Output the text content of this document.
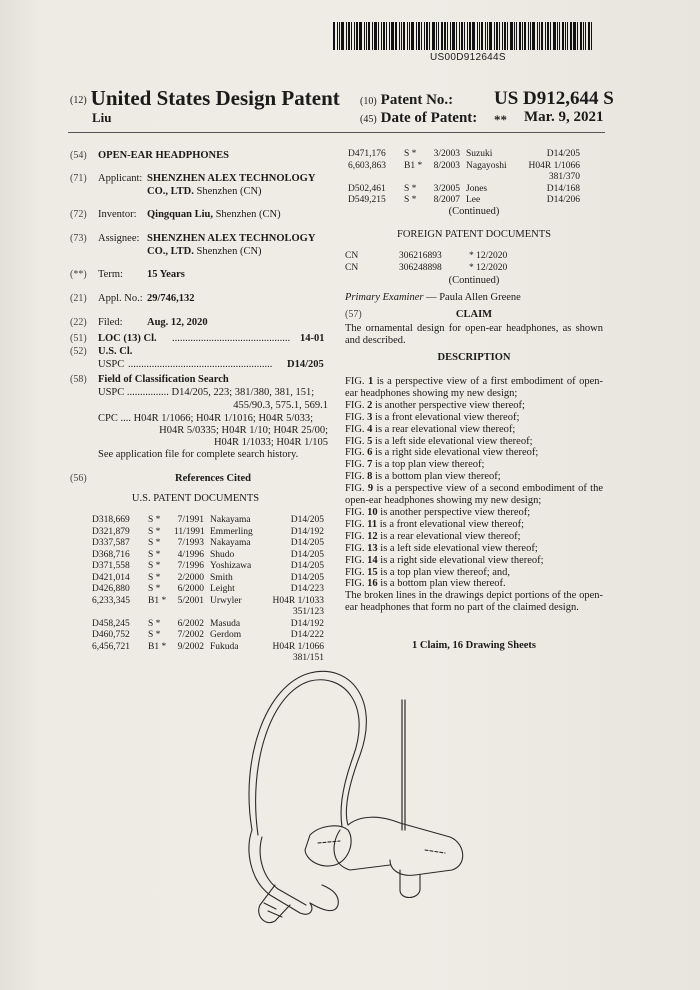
US00D912644S
(12) United States Design Patent
Liu
(10) Patent No.: US D912,644 S
(45) Date of Patent: ** Mar. 9, 2021
(54) OPEN-EAR HEADPHONES
(71) Applicant: SHENZHEN ALEX TECHNOLOGY
CO., LTD. Shenzhen (CN)
(72) Inventor: Qingquan Liu, Shenzhen (CN)
(73) Assignee: SHENZHEN ALEX TECHNOLOGY
CO., LTD. Shenzhen (CN)
(**) Term: 15 Years
(21) Appl. No.: 29/746,132
(22) Filed: Aug. 12, 2020
(51) LOC (13) Cl. ............................................. 14-01
(52) U.S. Cl.
USPC .......................................................	D14/205
(58) Field of Classification Search
USPC ................ D14/205, 223; 381/380, 381, 151;
455/90.3, 575.1, 569.1
CPC .... H04R 1/1066; H04R 1/1016; H04R 5/033;
H04R 5/0335; H04R 1/10; H04R 25/00;
H04R 1/1033; H04R 1/105
See application file for complete search history.
(56)	References Cited
U.S. PATENT DOCUMENTS
D318,669	S *	7/1991 Nakayama	D14/205
D321,879	S *	11/1991 Emmerling	D14/192
D337,587	S *	7/1993 Nakayama	D14/205
D368,716	S *	4/1996 Shudo	D14/205
D371,558	S *	7/1996 Yoshizawa	D14/205
D421,014	S *	2/2000 Smith	D14/205
D426,880	S *	6/2000 Leight	D14/223
6,233,345	B1 *	5/2001 Urwyler	H04R 1/1033
351/123
D458,245	S *	6/2002 Masuda	D14/192
D460,752	S *	7/2002 Gerdom	D14/222
6,456,721	B1 *	9/2002 Fukuda	H04R 1/1066
381/151
D471,176	S *	3/2003 Suzuki	D14/205
6,603,863	B1 *	8/2003 Nagayoshi	H04R 1/1066
381/370
D502,461	S *	3/2005 Jones	D14/168
D549,215	S *	8/2007 Lee	D14/206
(Continued)
FOREIGN PATENT DOCUMENTS
CN	306216893	* 12/2020
CN	306248898	* 12/2020
(Continued)
Primary Examiner — Paula Allen Greene
(57)	CLAIM
The ornamental design for open-ear headphones, as shown and described.
DESCRIPTION

FIG. 1 is a perspective view of a first embodiment of open-ear headphones showing my new design;

FIG. 2 is another perspective view thereof;

FIG. 3 is a front elevational view thereof;

FIG. 4 is a rear elevational view thereof;

FIG. 5 is a left side elevational view thereof;

FIG. 6 is a right side elevational view thereof;

FIG. 7 is a top plan view thereof;

FIG. 8 is a bottom plan view thereof;

FIG. 9 is a perspective view of a second embodiment of the open-ear headphones showing my new design;

FIG. 10 is another perspective view thereof;

FIG. 11 is a front elevational view thereof;

FIG. 12 is a rear elevational view thereof;

FIG. 13 is a left side elevational view thereof;

FIG. 14 is a right side elevational view thereof;

FIG. 15 is a top plan view thereof; and,

FIG. 16 is a bottom plan view thereof.

The broken lines in the drawings depict portions of the open-ear headphones that form no part of the claimed design.

1 Claim, 16 Drawing Sheets
